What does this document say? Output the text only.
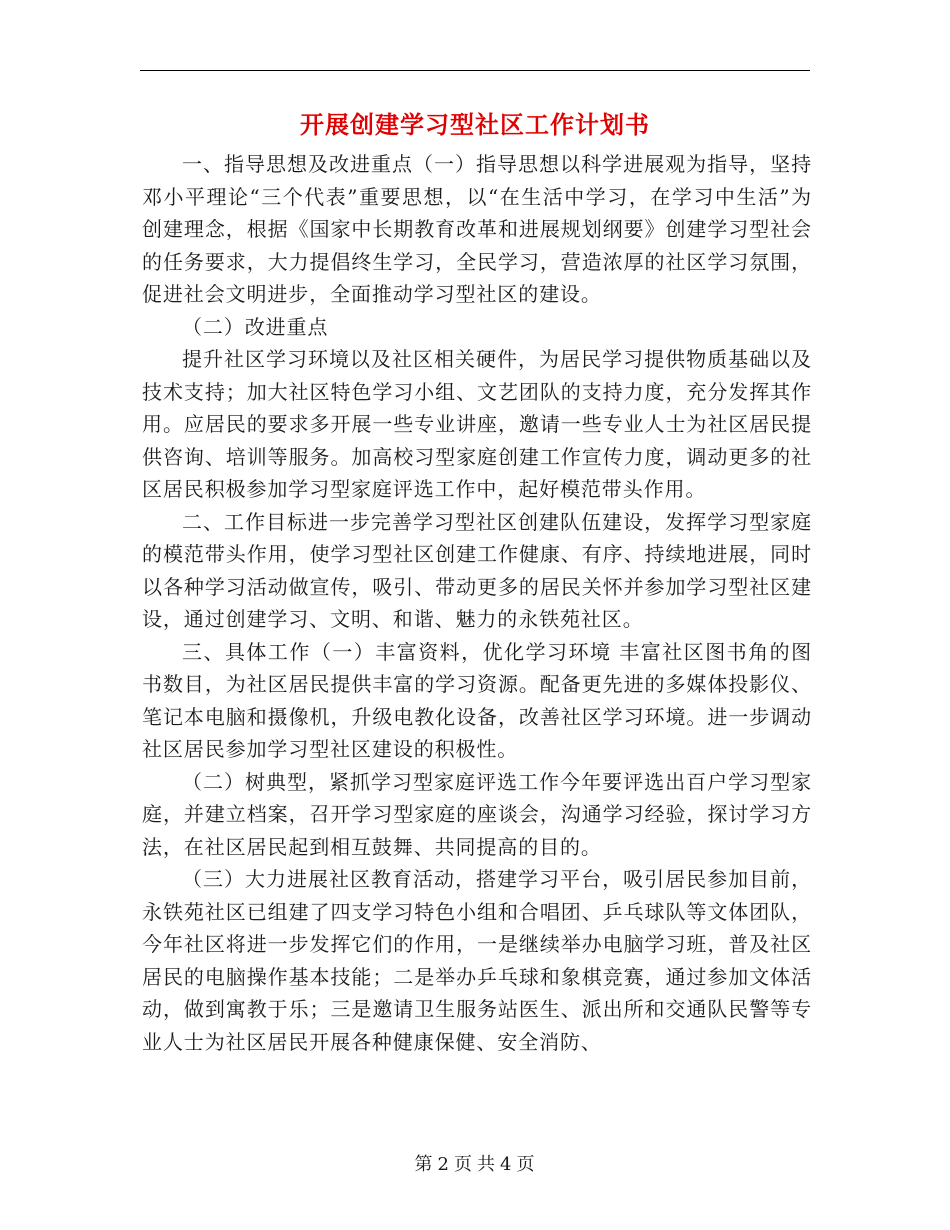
开展创建学习型社区工作计划书

一、指导思想及改进重点（一）指导思想以科学进展观为指导，坚持邓小平理论“三个代表”重要思想，以“在生活中学习，在学习中生活”为创建理念，根据《国家中长期教育改革和进展规划纲要》创建学习型社会的任务要求，大力提倡终生学习，全民学习，营造浓厚的社区学习氛围，促进社会文明进步，全面推动学习型社区的建设。

（二）改进重点

提升社区学习环境以及社区相关硬件，为居民学习提供物质基础以及技术支持；加大社区特色学习小组、文艺团队的支持力度，充分发挥其作用。应居民的要求多开展一些专业讲座，邀请一些专业人士为社区居民提供咨询、培训等服务。加高校习型家庭创建工作宣传力度，调动更多的社区居民积极参加学习型家庭评选工作中，起好模范带头作用。

二、工作目标进一步完善学习型社区创建队伍建设，发挥学习型家庭的模范带头作用，使学习型社区创建工作健康、有序、持续地进展，同时以各种学习活动做宣传，吸引、带动更多的居民关怀并参加学习型社区建设，通过创建学习、文明、和谐、魅力的永铁苑社区。

三、具体工作（一）丰富资料，优化学习环境 丰富社区图书角的图书数目，为社区居民提供丰富的学习资源。配备更先进的多媒体投影仪、笔记本电脑和摄像机，升级电教化设备，改善社区学习环境。进一步调动社区居民参加学习型社区建设的积极性。

（二）树典型，紧抓学习型家庭评选工作今年要评选出百户学习型家庭，并建立档案，召开学习型家庭的座谈会，沟通学习经验，探讨学习方法，在社区居民起到相互鼓舞、共同提高的目的。

（三）大力进展社区教育活动，搭建学习平台，吸引居民参加目前，永铁苑社区已组建了四支学习特色小组和合唱团、乒乓球队等文体团队，今年社区将进一步发挥它们的作用，一是继续举办电脑学习班，普及社区居民的电脑操作基本技能；二是举办乒乓球和象棋竞赛，通过参加文体活动，做到寓教于乐；三是邀请卫生服务站医生、派出所和交通队民警等专业人士为社区居民开展各种健康保健、安全消防、

第 2 页 共 4 页
